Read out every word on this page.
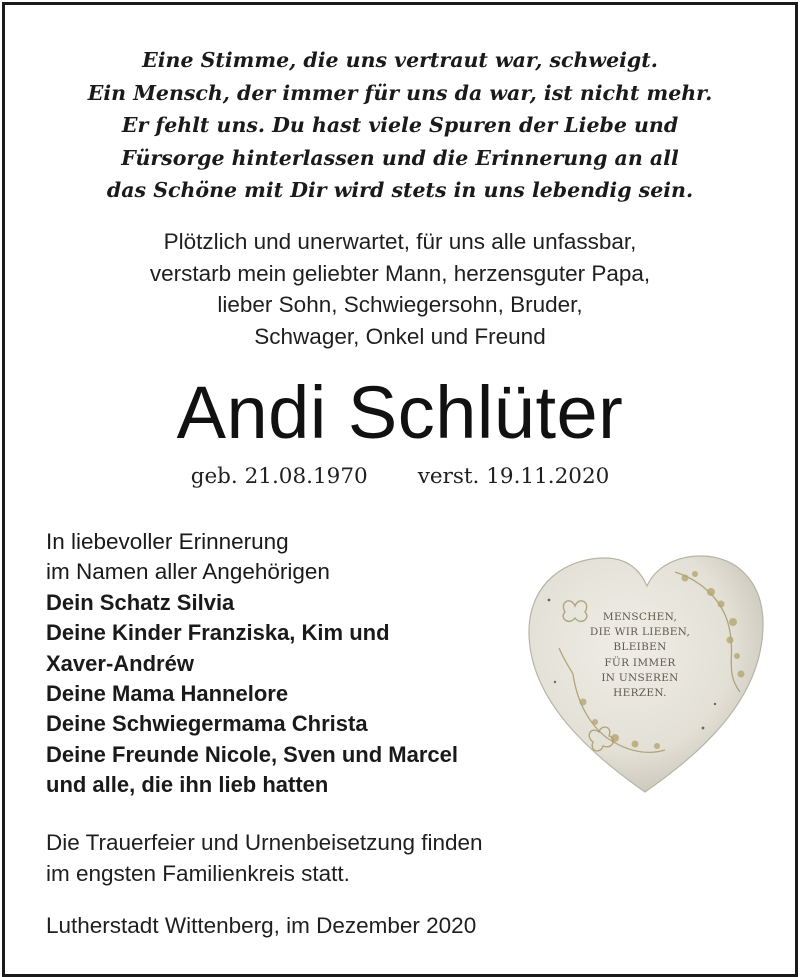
Eine Stimme, die uns vertraut war, schweigt.
Ein Mensch, der immer für uns da war, ist nicht mehr.
Er fehlt uns. Du hast viele Spuren der Liebe und
Fürsorge hinterlassen und die Erinnerung an all
das Schöne mit Dir wird stets in uns lebendig sein.
Plötzlich und unerwartet, für uns alle unfassbar,
verstarb mein geliebter Mann, herzensguter Papa,
lieber Sohn, Schwiegersohn, Bruder,
Schwager, Onkel und Freund
Andi Schlüter
geb. 21.08.1970 verst. 19.11.2020
In liebevoller Erinnerung
im Namen aller Angehörigen
Dein Schatz Silvia
Deine Kinder Franziska, Kim und
Xaver-Andréw
Deine Mama Hannelore
Deine Schwiegermama Christa
Deine Freunde Nicole, Sven und Marcel
und alle, die ihn lieb hatten
MENSCHEN,
DIE WIR LIEBEN,
BLEIBEN
FÜR IMMER
IN UNSEREN
HERZEN.
Die Trauerfeier und Urnenbeisetzung finden
im engsten Familienkreis statt.
Lutherstadt Wittenberg, im Dezember 2020
